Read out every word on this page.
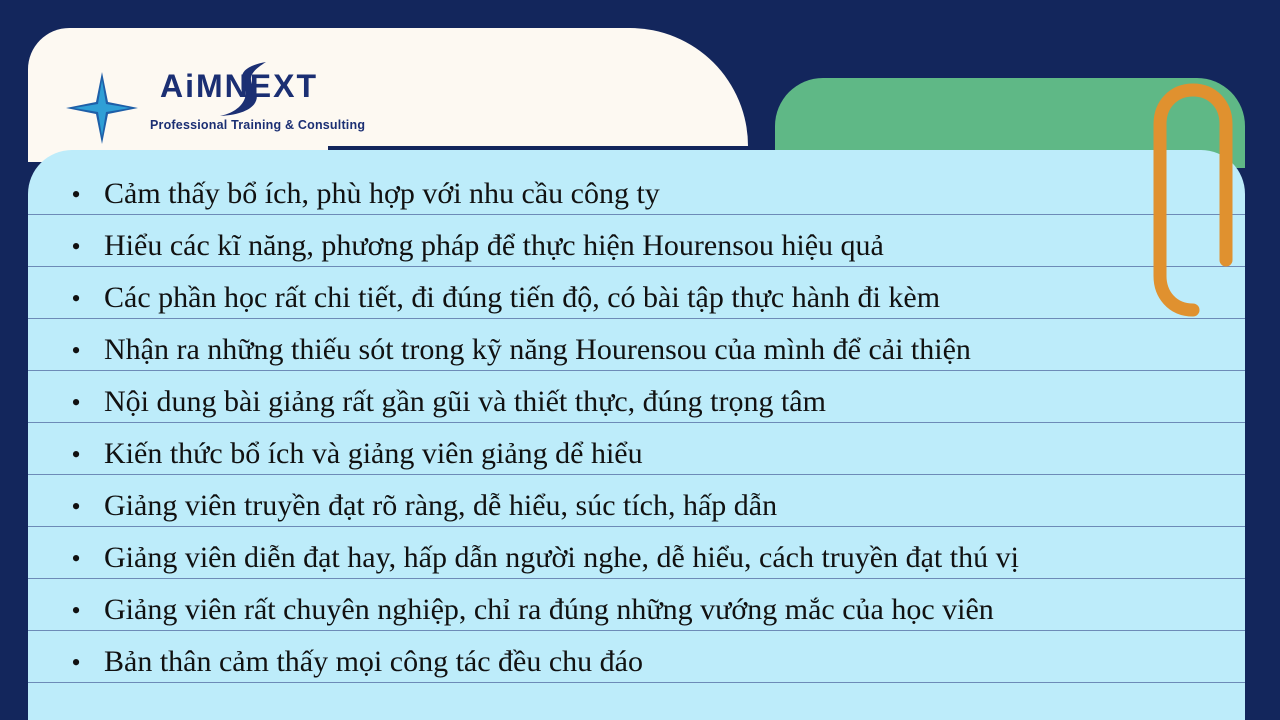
AiMNEXT
Professional Training & Consulting
• Cảm thấy bổ ích, phù hợp với nhu cầu công ty
• Hiểu các kĩ năng, phương pháp để thực hiện Hourensou hiệu quả
• Các phần học rất chi tiết, đi đúng tiến độ, có bài tập thực hành đi kèm
• Nhận ra những thiếu sót trong kỹ năng Hourensou của mình để cải thiện
• Nội dung bài giảng rất gần gũi và thiết thực, đúng trọng tâm
• Kiến thức bổ ích và giảng viên giảng dể hiểu
• Giảng viên truyền đạt rõ ràng, dễ hiểu, súc tích, hấp dẫn
• Giảng viên diễn đạt hay, hấp dẫn người nghe, dễ hiểu, cách truyền đạt thú vị
• Giảng viên rất chuyên nghiệp, chỉ ra đúng những vướng mắc của học viên
• Bản thân cảm thấy mọi công tác đều chu đáo
